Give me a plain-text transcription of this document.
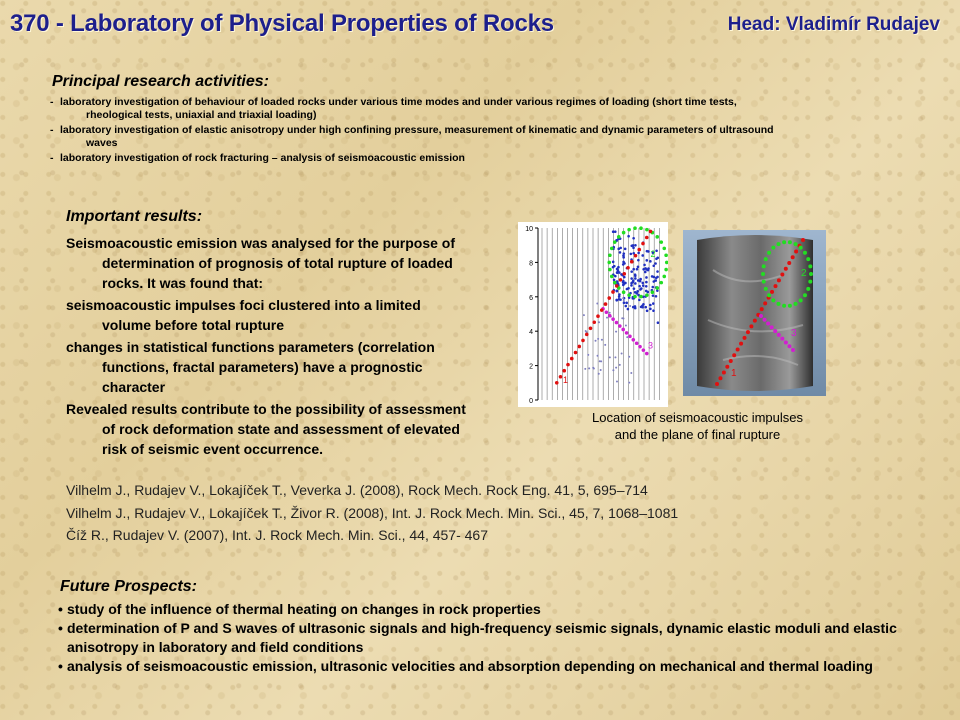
370 - Laboratory of Physical Properties of Rocks	Head: Vladimír Rudajev
Principal research activities:
- laboratory investigation of behaviour of loaded rocks under various time modes and under various regimes of loading (short time tests,
rheological tests, uniaxial and triaxial loading)
- laboratory investigation of elastic anisotropy under high confining pressure, measurement of kinematic and dynamic parameters of ultrasound
waves
- laboratory investigation of rock fracturing – analysis of seismoacoustic emission
Important results:

Seismoacoustic emission was analysed for the purpose of determination of prognosis of total rupture of loaded rocks. It was found that:

seismoacoustic impulses foci clustered into a limited volume before total rupture

changes in statistical functions parameters (correlation functions, fractal parameters) have a prognostic character

Revealed results contribute to the possibility of assessment of rock deformation state and assessment of elevated risk of seismic event occurrence.

Vilhelm J., Rudajev V., Lokajíček T., Veverka J. (2008), Rock Mech. Rock Eng. 41, 5, 695–714
Vilhelm J., Rudajev V., Lokajíček T., Živor R. (2008), Int. J. Rock Mech. Min. Sci., 45, 7, 1068–1081
Číž R., Rudajev V. (2007), Int. J. Rock Mech. Min. Sci., 44, 457- 467
10
8
6
4
2
0
1
2
3
1
2
3
Location of seismoacoustic impulses
and the plane of final rupture
Future Prospects:
• study of the influence of thermal heating on changes in rock properties
• determination of P and S waves of ultrasonic signals and high-frequency seismic signals, dynamic elastic moduli and elastic anisotropy in laboratory and field conditions
• analysis of seismoacoustic emission, ultrasonic velocities and absorption depending on mechanical and thermal loading
